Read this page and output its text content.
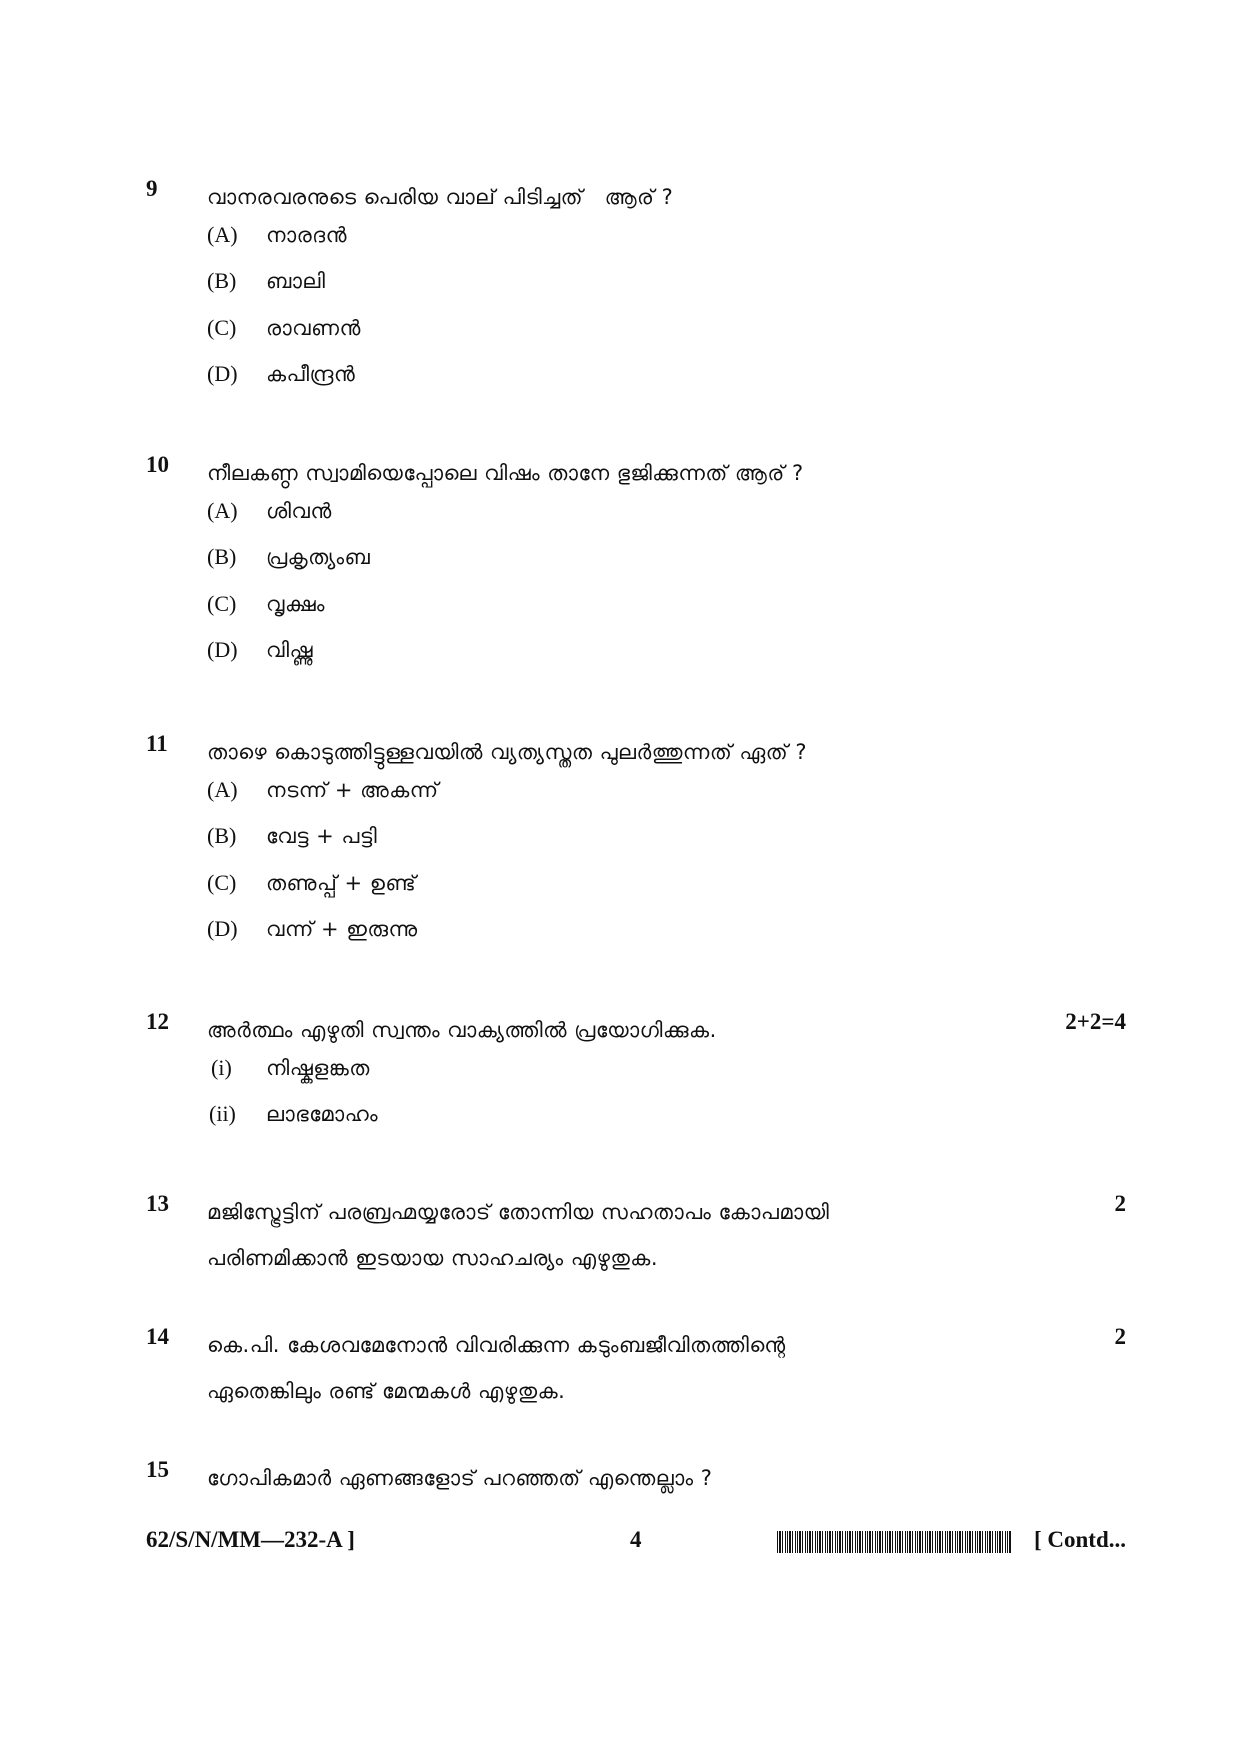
9 വാനരവരനുടെ പെരിയ വാല് പിടിച്ചത്   ആര് ?
(A) നാരദൻ
(B) ബാലി
(C) രാവണൻ
(D) കപീന്ദ്രൻ
10 നീലകണ്ഠ സ്വാമിയെപ്പോലെ വിഷം താനേ ഭുജിക്കുന്നത് ആര് ?
(A) ശിവൻ
(B) പ്രകൃത്യംബ
(C) വൃക്ഷം
(D) വിഷ്ണു
11 താഴെ കൊടുത്തിട്ടുള്ളവയിൽ വ്യത്യസ്തത പുലർത്തുന്നത് ഏത് ?
(A) നടന്ന് + അകന്ന്
(B) വേട്ട + പട്ടി
(C) തണുപ്പ് + ഉണ്ട്
(D) വന്ന് + ഇരുന്നു
12 അർത്ഥം എഴുതി സ്വന്തം വാക്യത്തിൽ പ്രയോഗിക്കുക.	2+2=4
(i) നിഷ്കളങ്കത
(ii) ലാഭമോഹം
13 മജിസ്ട്രേട്ടിന് പരബ്രഹ്മയ്യരോട് തോന്നിയ സഹതാപം കോപമായി
പരിണമിക്കാൻ ഇടയായ സാഹചര്യം എഴുതുക.
2
14 കെ.പി. കേശവമേനോൻ വിവരിക്കുന്ന കടുംബജീവിതത്തിന്റെ
ഏതെങ്കിലും രണ്ട് മേന്മകൾ എഴുതുക.
2
15 ഗോപികമാർ ഏണങ്ങളോട് പറഞ്ഞത് എന്തെല്ലാം ?
62/S/N/MM—232-A ]	4	[ Contd...
